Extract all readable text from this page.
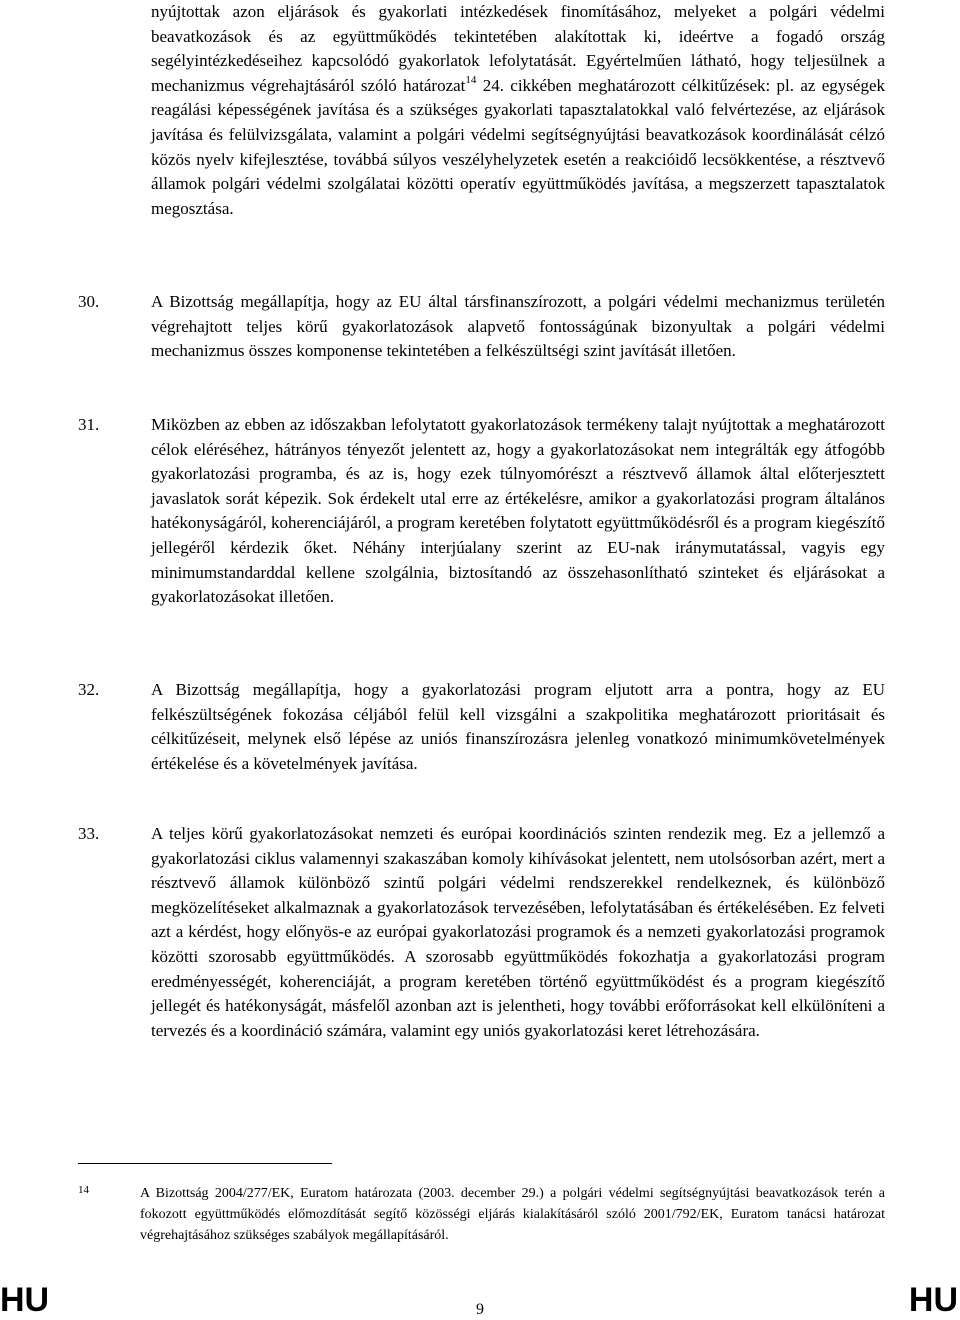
nyújtottak azon eljárások és gyakorlati intézkedések finomításához, melyeket a polgári védelmi beavatkozások és az együttműködés tekintetében alakítottak ki, ideértve a fogadó ország segélyintézkedéseihez kapcsolódó gyakorlatok lefolytatását. Egyértelműen látható, hogy teljesülnek a mechanizmus végrehajtásáról szóló határozat$^{14}$ 24. cikkében meghatározott célkitűzések: pl. az egységek reagálási képességének javítása és a szükséges gyakorlati tapasztalatokkal való felvértezése, az eljárások javítása és felülvizsgálata, valamint a polgári védelmi segítségnyújtási beavatkozások koordinálását célzó közös nyelv kifejlesztése, továbbá súlyos veszélyhelyzetek esetén a reakcióidő lecsökkentése, a résztvevő államok polgári védelmi szolgálatai közötti operatív együttműködés javítása, a megszerzett tapasztalatok megosztása.
30.	A Bizottság megállapítja, hogy az EU által társfinanszírozott, a polgári védelmi mechanizmus területén végrehajtott teljes körű gyakorlatozások alapvető fontosságúnak bizonyultak a polgári védelmi mechanizmus összes komponense tekintetében a felkészültségi szint javítását illetően.
31.	Miközben az ebben az időszakban lefolytatott gyakorlatozások termékeny talajt nyújtottak a meghatározott célok eléréséhez, hátrányos tényezőt jelentett az, hogy a gyakorlatozásokat nem integrálták egy átfogóbb gyakorlatozási programba, és az is, hogy ezek túlnyomórészt a résztvevő államok által előterjesztett javaslatok sorát képezik. Sok érdekelt utal erre az értékelésre, amikor a gyakorlatozási program általános hatékonyságáról, koherenciájáról, a program keretében folytatott együttműködésről és a program kiegészítő jellegéről kérdezik őket. Néhány interjúalany szerint az EU-nak iránymutatással, vagyis egy minimumstandarddal kellene szolgálnia, biztosítandó az összehasonlítható szinteket és eljárásokat a gyakorlatozásokat illetően.
32.	A Bizottság megállapítja, hogy a gyakorlatozási program eljutott arra a pontra, hogy az EU felkészültségének fokozása céljából felül kell vizsgálni a szakpolitika meghatározott prioritásait és célkitűzéseit, melynek első lépése az uniós finanszírozásra jelenleg vonatkozó minimumkövetelmények értékelése és a követelmények javítása.
33.	A teljes körű gyakorlatozásokat nemzeti és európai koordinációs szinten rendezik meg. Ez a jellemző a gyakorlatozási ciklus valamennyi szakaszában komoly kihívásokat jelentett, nem utolsósorban azért, mert a résztvevő államok különböző szintű polgári védelmi rendszerekkel rendelkeznek, és különböző megközelítéseket alkalmaznak a gyakorlatozások tervezésében, lefolytatásában és értékelésében. Ez felveti azt a kérdést, hogy előnyös-e az európai gyakorlatozási programok és a nemzeti gyakorlatozási programok közötti szorosabb együttműködés. A szorosabb együttműködés fokozhatja a gyakorlatozási program eredményességét, koherenciáját, a program keretében történő együttműködést és a program kiegészítő jellegét és hatékonyságát, másfelől azonban azt is jelentheti, hogy további erőforrásokat kell elkülöníteni a tervezés és a koordináció számára, valamint egy uniós gyakorlatozási keret létrehozására.
14	A Bizottság 2004/277/EK, Euratom határozata (2003. december 29.) a polgári védelmi segítségnyújtási beavatkozások terén a fokozott együttműködés előmozdítását segítő közösségi eljárás kialakításáról szóló 2001/792/EK, Euratom tanácsi határozat végrehajtásához szükséges szabályok megállapításáról.
HU	9	HU
